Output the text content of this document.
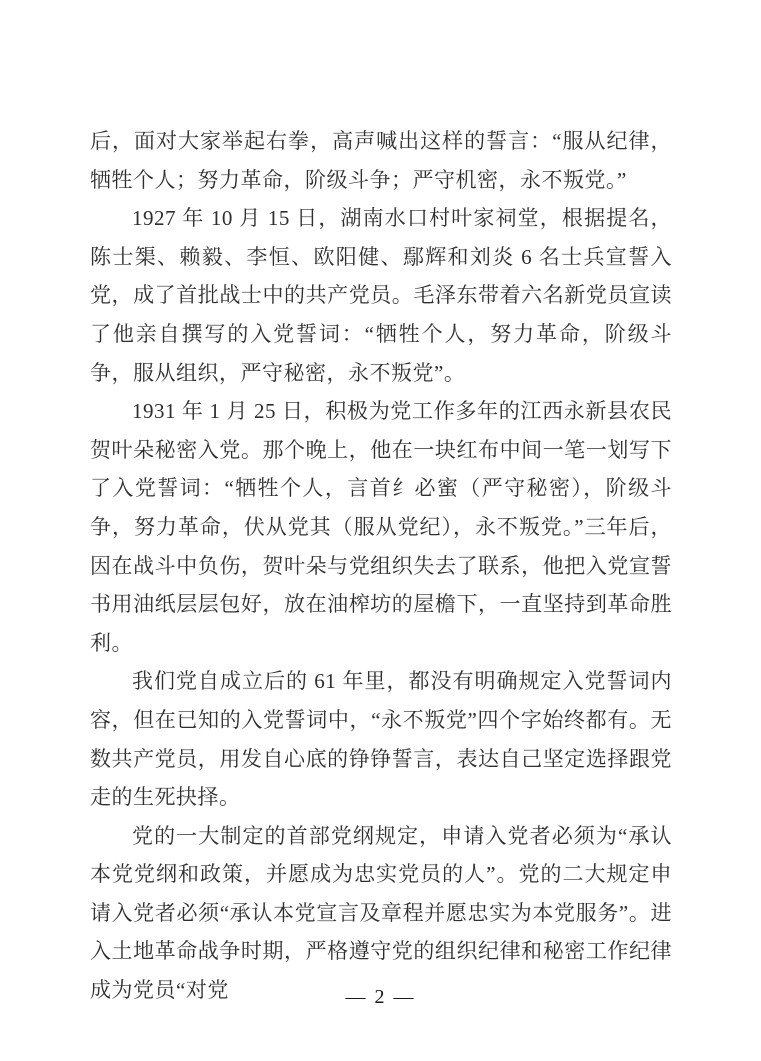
后，面对大家举起右拳，高声喊出这样的誓言：“服从纪律，牺牲个人；努力革命，阶级斗争；严守机密，永不叛党。”

1927 年 10 月 15 日，湖南水口村叶家祠堂，根据提名，陈士榘、赖毅、李恒、欧阳健、鄢辉和刘炎 6 名士兵宣誓入党，成了首批战士中的共产党员。毛泽东带着六名新党员宣读了他亲自撰写的入党誓词：“牺牲个人，努力革命，阶级斗争，服从组织，严守秘密，永不叛党”。

1931 年 1 月 25 日，积极为党工作多年的江西永新县农民贺叶朵秘密入党。那个晚上，他在一块红布中间一笔一划写下了入党誓词：“牺牲个人，言首纟必蜜（严守秘密），阶级斗争，努力革命，伏从党其（服从党纪），永不叛党。”三年后，因在战斗中负伤，贺叶朵与党组织失去了联系，他把入党宣誓书用油纸层层包好，放在油榨坊的屋檐下，一直坚持到革命胜利。

我们党自成立后的 61 年里，都没有明确规定入党誓词内容，但在已知的入党誓词中，“永不叛党”四个字始终都有。无数共产党员，用发自心底的铮铮誓言，表达自己坚定选择跟党走的生死抉择。

党的一大制定的首部党纲规定，申请入党者必须为“承认本党党纲和政策，并愿成为忠实党员的人”。党的二大规定申请入党者必须“承认本党宣言及章程并愿忠实为本党服务”。进入土地革命战争时期，严格遵守党的组织纪律和秘密工作纪律成为党员“对党	— 2 —
